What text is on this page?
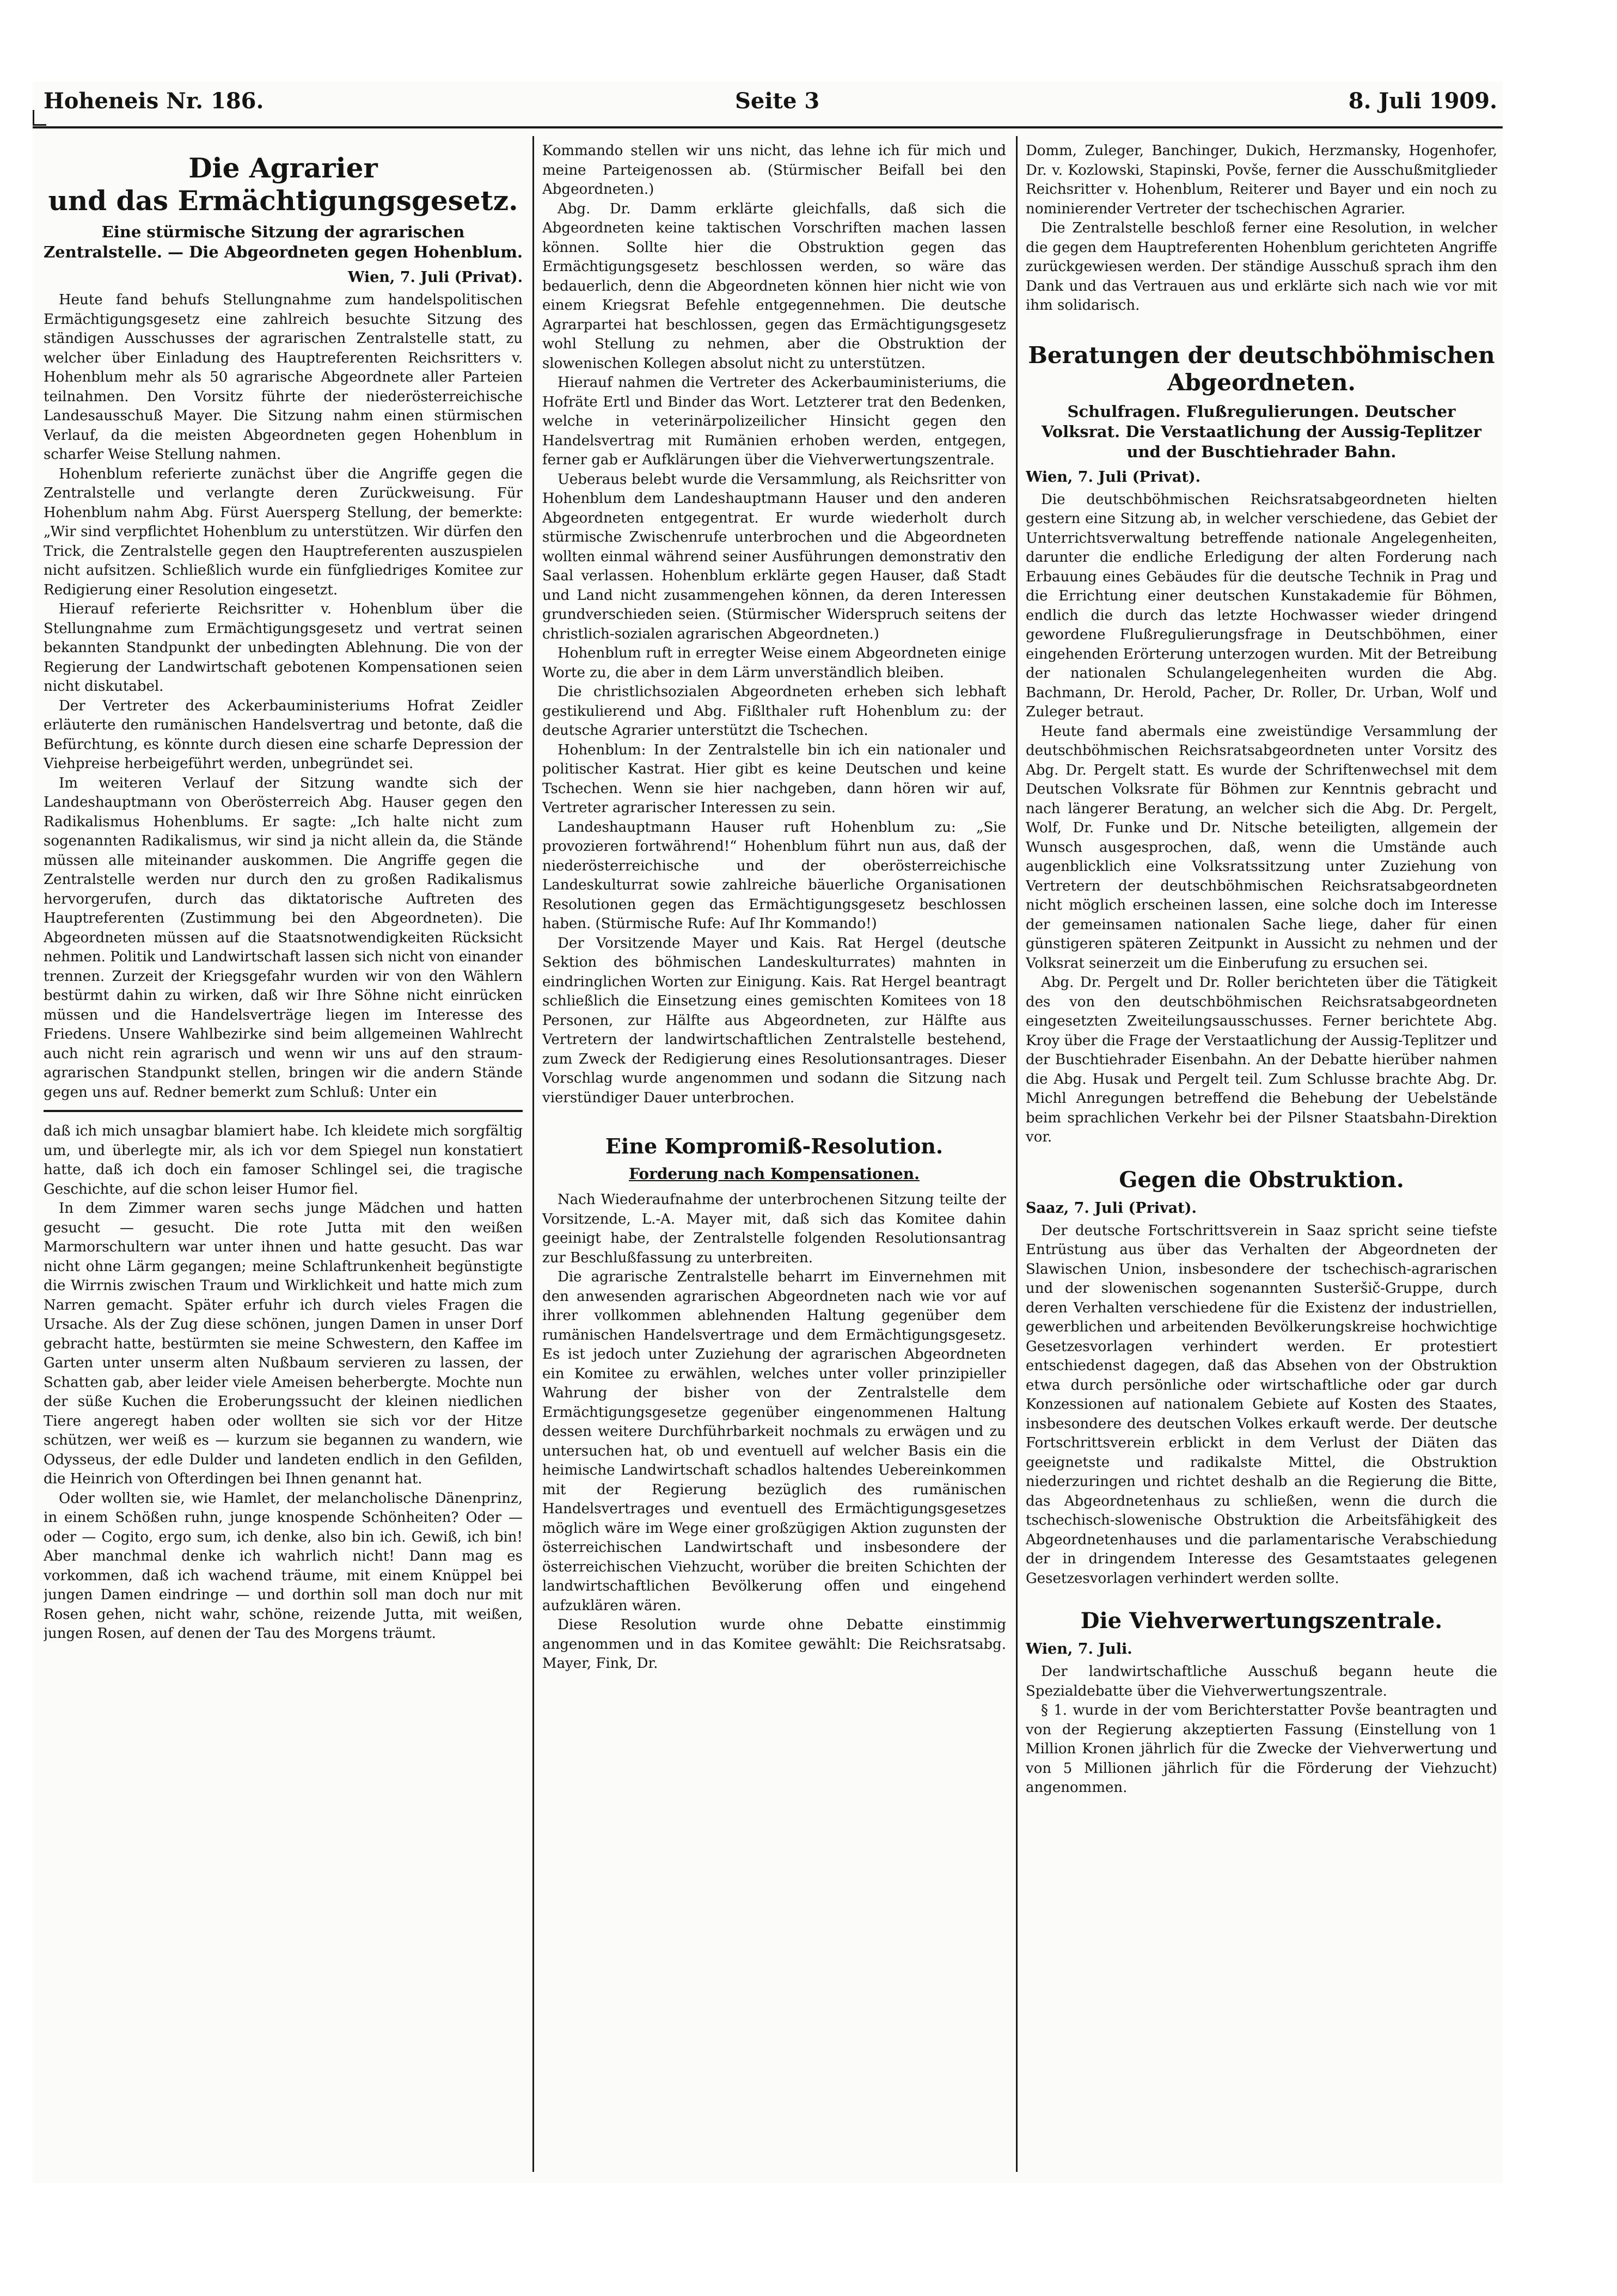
Hoheneis Nr. 186.	Seite 3	8. Juli 1909.
Die Agrarier
und das Ermächtigungsgesetz.
Eine stürmische Sitzung der agrarischen Zentralstelle. — Die Abgeordneten gegen Hohenblum.
Wien, 7. Juli (Privat).

Heute fand behufs Stellungnahme zum handelspolitischen Ermächtigungsgesetz eine zahlreich besuchte Sitzung des ständigen Ausschusses der agrarischen Zentralstelle statt, zu welcher über Einladung des Hauptreferenten Reichsritters v. Hohenblum mehr als 50 agrarische Abgeordnete aller Parteien teilnahmen. Den Vorsitz führte der niederösterreichische Landesausschuß Mayer. Die Sitzung nahm einen stürmischen Verlauf, da die meisten Abgeordneten gegen Hohenblum in scharfer Weise Stellung nahmen.

Hohenblum referierte zunächst über die Angriffe gegen die Zentralstelle und verlangte deren Zurückweisung. Für Hohenblum nahm Abg. Fürst Auersperg Stellung, der bemerkte: „Wir sind verpflichtet Hohenblum zu unterstützen. Wir dürfen den Trick, die Zentralstelle gegen den Hauptreferenten auszuspielen nicht aufsitzen. Schließlich wurde ein fünfgliedriges Komitee zur Redigierung einer Resolution eingesetzt.

Hierauf referierte Reichsritter v. Hohenblum über die Stellungnahme zum Ermächtigungsgesetz und vertrat seinen bekannten Standpunkt der unbedingten Ablehnung. Die von der Regierung der Landwirtschaft gebotenen Kompensationen seien nicht diskutabel.

Der Vertreter des Ackerbauministeriums Hofrat Zeidler erläuterte den rumänischen Handelsvertrag und betonte, daß die Befürchtung, es könnte durch diesen eine scharfe Depression der Viehpreise herbeigeführt werden, unbegründet sei.

Im weiteren Verlauf der Sitzung wandte sich der Landeshauptmann von Oberösterreich Abg. Hauser gegen den Radikalismus Hohenblums. Er sagte: „Ich halte nicht zum sogenannten Radikalismus, wir sind ja nicht allein da, die Stände müssen alle miteinander auskommen. Die Angriffe gegen die Zentralstelle werden nur durch den zu großen Radikalismus hervorgerufen, durch das diktatorische Auftreten des Hauptreferenten (Zustimmung bei den Abgeordneten). Die Abgeordneten müssen auf die Staatsnotwendigkeiten Rücksicht nehmen. Politik und Landwirtschaft lassen sich nicht von einander trennen. Zurzeit der Kriegsgefahr wurden wir von den Wählern bestürmt dahin zu wirken, daß wir Ihre Söhne nicht einrücken müssen und die Handelsverträge liegen im Interesse des Friedens. Unsere Wahlbezirke sind beim allgemeinen Wahlrecht auch nicht rein agrarisch und wenn wir uns auf den straum-agrarischen Standpunkt stellen, bringen wir die andern Stände gegen uns auf. Redner bemerkt zum Schluß: Unter ein

daß ich mich unsagbar blamiert habe. Ich kleidete mich sorgfältig um, und überlegte mir, als ich vor dem Spiegel nun konstatiert hatte, daß ich doch ein famoser Schlingel sei, die tragische Geschichte, auf die schon leiser Humor fiel.

In dem Zimmer waren sechs junge Mädchen und hatten gesucht — gesucht. Die rote Jutta mit den weißen Marmorschultern war unter ihnen und hatte gesucht. Das war nicht ohne Lärm gegangen; meine Schlaftrunkenheit begünstigte die Wirrnis zwischen Traum und Wirklichkeit und hatte mich zum Narren gemacht. Später erfuhr ich durch vieles Fragen die Ursache. Als der Zug diese schönen, jungen Damen in unser Dorf gebracht hatte, bestürmten sie meine Schwestern, den Kaffee im Garten unter unserm alten Nußbaum servieren zu lassen, der Schatten gab, aber leider viele Ameisen beherbergte. Mochte nun der süße Kuchen die Eroberungssucht der kleinen niedlichen Tiere angeregt haben oder wollten sie sich vor der Hitze schützen, wer weiß es — kurzum sie begannen zu wandern, wie Odysseus, der edle Dulder und landeten endlich in den Gefilden, die Heinrich von Ofterdingen bei Ihnen genannt hat.

Oder wollten sie, wie Hamlet, der melancholische Dänenprinz, in einem Schößen ruhn, junge knospende Schönheiten? Oder — oder — Cogito, ergo sum, ich denke, also bin ich. Gewiß, ich bin! Aber manchmal denke ich wahrlich nicht! Dann mag es vorkommen, daß ich wachend träume, mit einem Knüppel bei jungen Damen eindringe — und dorthin soll man doch nur mit Rosen gehen, nicht wahr, schöne, reizende Jutta, mit weißen, jungen Rosen, auf denen der Tau des Morgens träumt.

Kommando stellen wir uns nicht, das lehne ich für mich und meine Parteigenossen ab. (Stürmischer Beifall bei den Abgeordneten.)

Abg. Dr. Damm erklärte gleichfalls, daß sich die Abgeordneten keine taktischen Vorschriften machen lassen können. Sollte hier die Obstruktion gegen das Ermächtigungsgesetz beschlossen werden, so wäre das bedauerlich, denn die Abgeordneten können hier nicht wie von einem Kriegsrat Befehle entgegennehmen. Die deutsche Agrarpartei hat beschlossen, gegen das Ermächtigungsgesetz wohl Stellung zu nehmen, aber die Obstruktion der slowenischen Kollegen absolut nicht zu unterstützen.

Hierauf nahmen die Vertreter des Ackerbauministeriums, die Hofräte Ertl und Binder das Wort. Letzterer trat den Bedenken, welche in veterinärpolizeilicher Hinsicht gegen den Handelsvertrag mit Rumänien erhoben werden, entgegen, ferner gab er Aufklärungen über die Viehverwertungszentrale.

Ueberaus belebt wurde die Versammlung, als Reichsritter von Hohenblum dem Landeshauptmann Hauser und den anderen Abgeordneten entgegentrat. Er wurde wiederholt durch stürmische Zwischenrufe unterbrochen und die Abgeordneten wollten einmal während seiner Ausführungen demonstrativ den Saal verlassen. Hohenblum erklärte gegen Hauser, daß Stadt und Land nicht zusammengehen können, da deren Interessen grundverschieden seien. (Stürmischer Widerspruch seitens der christlich-sozialen agrarischen Abgeordneten.)

Hohenblum ruft in erregter Weise einem Abgeordneten einige Worte zu, die aber in dem Lärm unverständlich bleiben.

Die christlichsozialen Abgeordneten erheben sich lebhaft gestikulierend und Abg. Fißlthaler ruft Hohenblum zu: der deutsche Agrarier unterstützt die Tschechen.

Hohenblum: In der Zentralstelle bin ich ein nationaler und politischer Kastrat. Hier gibt es keine Deutschen und keine Tschechen. Wenn sie hier nachgeben, dann hören wir auf, Vertreter agrarischer Interessen zu sein.

Landeshauptmann Hauser ruft Hohenblum zu: „Sie provozieren fortwährend!“ Hohenblum führt nun aus, daß der niederösterreichische und der oberösterreichische Landeskulturrat sowie zahlreiche bäuerliche Organisationen Resolutionen gegen das Ermächtigungsgesetz beschlossen haben. (Stürmische Rufe: Auf Ihr Kommando!)

Der Vorsitzende Mayer und Kais. Rat Hergel (deutsche Sektion des böhmischen Landeskulturrates) mahnten in eindringlichen Worten zur Einigung. Kais. Rat Hergel beantragt schließlich die Einsetzung eines gemischten Komitees von 18 Personen, zur Hälfte aus Abgeordneten, zur Hälfte aus Vertretern der landwirtschaftlichen Zentralstelle bestehend, zum Zweck der Redigierung eines Resolutionsantrages. Dieser Vorschlag wurde angenommen und sodann die Sitzung nach vierstündiger Dauer unterbrochen.

Eine Kompromiß-Resolution.
Forderung nach Kompensationen.

Nach Wiederaufnahme der unterbrochenen Sitzung teilte der Vorsitzende, L.-A. Mayer mit, daß sich das Komitee dahin geeinigt habe, der Zentralstelle folgenden Resolutionsantrag zur Beschlußfassung zu unterbreiten.

Die agrarische Zentralstelle beharrt im Einvernehmen mit den anwesenden agrarischen Abgeordneten nach wie vor auf ihrer vollkommen ablehnenden Haltung gegenüber dem rumänischen Handelsvertrage und dem Ermächtigungsgesetz. Es ist jedoch unter Zuziehung der agrarischen Abgeordneten ein Komitee zu erwählen, welches unter voller prinzipieller Wahrung der bisher von der Zentralstelle dem Ermächtigungsgesetze gegenüber eingenommenen Haltung dessen weitere Durchführbarkeit nochmals zu erwägen und zu untersuchen hat, ob und eventuell auf welcher Basis ein die heimische Landwirtschaft schadlos haltendes Uebereinkommen mit der Regierung bezüglich des rumänischen Handelsvertrages und eventuell des Ermächtigungsgesetzes möglich wäre im Wege einer großzügigen Aktion zugunsten der österreichischen Landwirtschaft und insbesondere der österreichischen Viehzucht, worüber die breiten Schichten der landwirtschaftlichen Bevölkerung offen und eingehend aufzuklären wären.

Diese Resolution wurde ohne Debatte einstimmig angenommen und in das Komitee gewählt: Die Reichsratsabg. Mayer, Fink, Dr.

Domm, Zuleger, Banchinger, Dukich, Herzmansky, Hogenhofer, Dr. v. Kozlowski, Stapinski, Povše, ferner die Ausschußmitglieder Reichsritter v. Hohenblum, Reiterer und Bayer und ein noch zu nominierender Vertreter der tschechischen Agrarier.

Die Zentralstelle beschloß ferner eine Resolution, in welcher die gegen dem Hauptreferenten Hohenblum gerichteten Angriffe zurückgewiesen werden. Der ständige Ausschuß sprach ihm den Dank und das Vertrauen aus und erklärte sich nach wie vor mit ihm solidarisch.

Beratungen der deutschböhmischen Abgeordneten.
Schulfragen. Flußregulierungen. Deutscher Volksrat. Die Verstaatlichung der Aussig-Teplitzer und der Buschtiehrader Bahn.
Wien, 7. Juli (Privat).

Die deutschböhmischen Reichsratsabgeordneten hielten gestern eine Sitzung ab, in welcher verschiedene, das Gebiet der Unterrichtsverwaltung betreffende nationale Angelegenheiten, darunter die endliche Erledigung der alten Forderung nach Erbauung eines Gebäudes für die deutsche Technik in Prag und die Errichtung einer deutschen Kunstakademie für Böhmen, endlich die durch das letzte Hochwasser wieder dringend gewordene Flußregulierungsfrage in Deutschböhmen, einer eingehenden Erörterung unterzogen wurden. Mit der Betreibung der nationalen Schulangelegenheiten wurden die Abg. Bachmann, Dr. Herold, Pacher, Dr. Roller, Dr. Urban, Wolf und Zuleger betraut.

Heute fand abermals eine zweistündige Versammlung der deutschböhmischen Reichsratsabgeordneten unter Vorsitz des Abg. Dr. Pergelt statt. Es wurde der Schriftenwechsel mit dem Deutschen Volksrate für Böhmen zur Kenntnis gebracht und nach längerer Beratung, an welcher sich die Abg. Dr. Pergelt, Wolf, Dr. Funke und Dr. Nitsche beteiligten, allgemein der Wunsch ausgesprochen, daß, wenn die Umstände auch augenblicklich eine Volksratssitzung unter Zuziehung von Vertretern der deutschböhmischen Reichsratsabgeordneten nicht möglich erscheinen lassen, eine solche doch im Interesse der gemeinsamen nationalen Sache liege, daher für einen günstigeren späteren Zeitpunkt in Aussicht zu nehmen und der Volksrat seinerzeit um die Einberufung zu ersuchen sei.

Abg. Dr. Pergelt und Dr. Roller berichteten über die Tätigkeit des von den deutschböhmischen Reichsratsabgeordneten eingesetzten Zweiteilungsausschusses. Ferner berichtete Abg. Kroy über die Frage der Verstaatlichung der Aussig-Teplitzer und der Buschtiehrader Eisenbahn. An der Debatte hierüber nahmen die Abg. Husak und Pergelt teil. Zum Schlusse brachte Abg. Dr. Michl Anregungen betreffend die Behebung der Uebelstände beim sprachlichen Verkehr bei der Pilsner Staatsbahn-Direktion vor.

Gegen die Obstruktion.
Saaz, 7. Juli (Privat).

Der deutsche Fortschrittsverein in Saaz spricht seine tiefste Entrüstung aus über das Verhalten der Abgeordneten der Slawischen Union, insbesondere der tschechisch-agrarischen und der slowenischen sogenannten Susteršič-Gruppe, durch deren Verhalten verschiedene für die Existenz der industriellen, gewerblichen und arbeitenden Bevölkerungskreise hochwichtige Gesetzesvorlagen verhindert werden. Er protestiert entschiedenst dagegen, daß das Absehen von der Obstruktion etwa durch persönliche oder wirtschaftliche oder gar durch Konzessionen auf nationalem Gebiete auf Kosten des Staates, insbesondere des deutschen Volkes erkauft werde. Der deutsche Fortschrittsverein erblickt in dem Verlust der Diäten das geeignetste und radikalste Mittel, die Obstruktion niederzuringen und richtet deshalb an die Regierung die Bitte, das Abgeordnetenhaus zu schließen, wenn die durch die tschechisch-slowenische Obstruktion die Arbeitsfähigkeit des Abgeordnetenhauses und die parlamentarische Verabschiedung der in dringendem Interesse des Gesamtstaates gelegenen Gesetzesvorlagen verhindert werden sollte.

Die Viehverwertungszentrale.
Wien, 7. Juli.

Der landwirtschaftliche Ausschuß begann heute die Spezialdebatte über die Viehverwertungszentrale.

§ 1. wurde in der vom Berichterstatter Povše beantragten und von der Regierung akzeptierten Fassung (Einstellung von 1 Million Kronen jährlich für die Zwecke der Viehverwertung und von 5 Millionen jährlich für die Förderung der Viehzucht) angenommen.
